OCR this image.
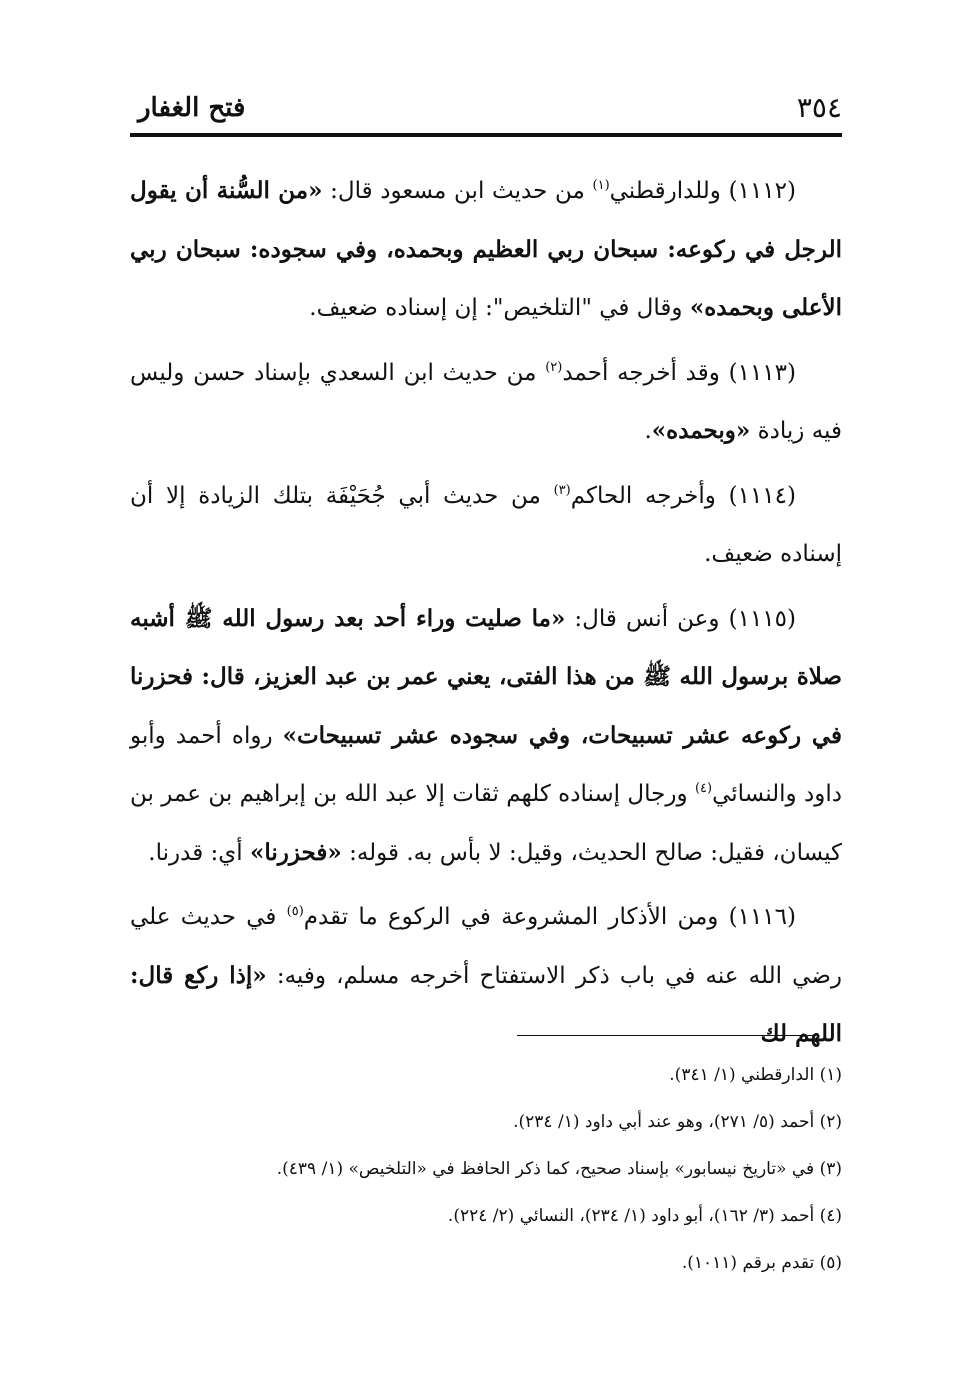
٣٥٤
فتح الغفار

(١١١٢) وللدارقطني$^{(١)}$ من حديث ابن مسعود قال: «من السُّنة أن يقول الرجل في ركوعه: سبحان ربي العظيم وبحمده، وفي سجوده: سبحان ربي الأعلى وبحمده» وقال في "التلخيص": إن إسناده ضعيف.

(١١١٣) وقد أخرجه أحمد$^{(٢)}$ من حديث ابن السعدي بإسناد حسن وليس فيه زيادة «وبحمده».

(١١١٤) وأخرجه الحاكم$^{(٣)}$ من حديث أبي جُحَيْفَة بتلك الزيادة إلا أن إسناده ضعيف.

(١١١٥) وعن أنس قال: «ما صليت وراء أحد بعد رسول الله ﷺ أشبه صلاة برسول الله ﷺ من هذا الفتى، يعني عمر بن عبد العزيز، قال: فحزرنا في ركوعه عشر تسبيحات، وفي سجوده عشر تسبيحات» رواه أحمد وأبو داود والنسائي$^{(٤)}$ ورجال إسناده كلهم ثقات إلا عبد الله بن إبراهيم بن عمر بن كيسان، فقيل: صالح الحديث، وقيل: لا بأس به. قوله: «فحزرنا» أي: قدرنا.

(١١١٦) ومن الأذكار المشروعة في الركوع ما تقدم$^{(٥)}$ في حديث علي رضي الله عنه في باب ذكر الاستفتاح أخرجه مسلم، وفيه: «إذا ركع قال: اللهم لك

(١) الدارقطني (١/ ٣٤١).

(٢) أحمد (٥/ ٢٧١)، وهو عند أبي داود (١/ ٢٣٤).

(٣) في «تاريخ نيسابور» بإسناد صحيح، كما ذكر الحافظ في «التلخيص» (١/ ٤٣٩).

(٤) أحمد (٣/ ١٦٢)، أبو داود (١/ ٢٣٤)، النسائي (٢/ ٢٢٤).

(٥) تقدم برقم (١٠١١).
